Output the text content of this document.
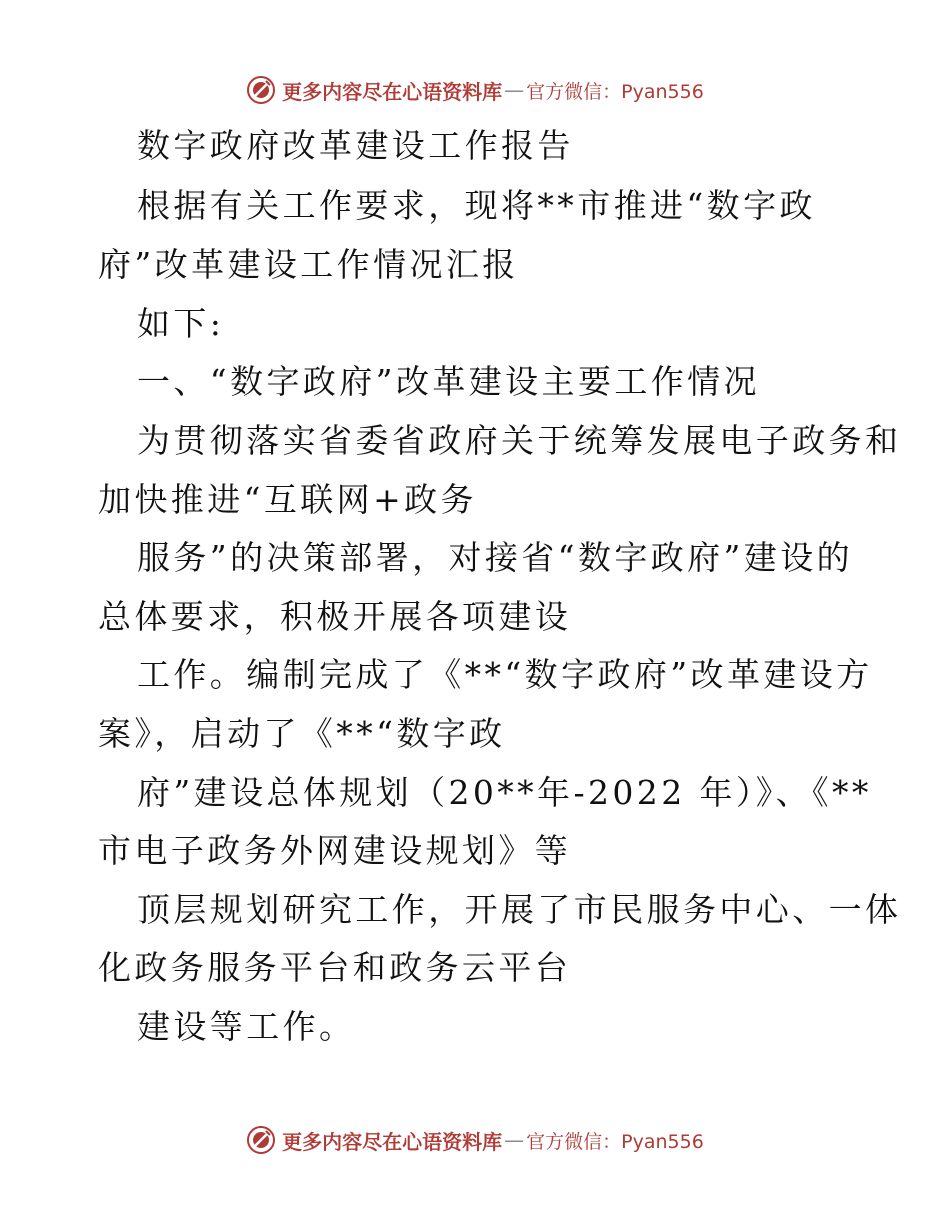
更多内容尽在心语资料库 — 官方微信：Pyan556
数字政府改革建设工作报告
根据有关工作要求，现将**市推进“数字政
府”改革建设工作情况汇报
如下:
一、“数字政府”改革建设主要工作情况
为贯彻落实省委省政府关于统筹发展电子政务和
加快推进“互联网+政务
服务”的决策部署，对接省“数字政府”建设的
总体要求，积极开展各项建设
工作。编制完成了《**“数字政府”改革建设方
案》，启动了《**“数字政
府”建设总体规划（20**年-2022 年）》、《**
市电子政务外网建设规划》等
顶层规划研究工作，开展了市民服务中心、一体
化政务服务平台和政务云平台
建设等工作。
更多内容尽在心语资料库 — 官方微信：Pyan556
